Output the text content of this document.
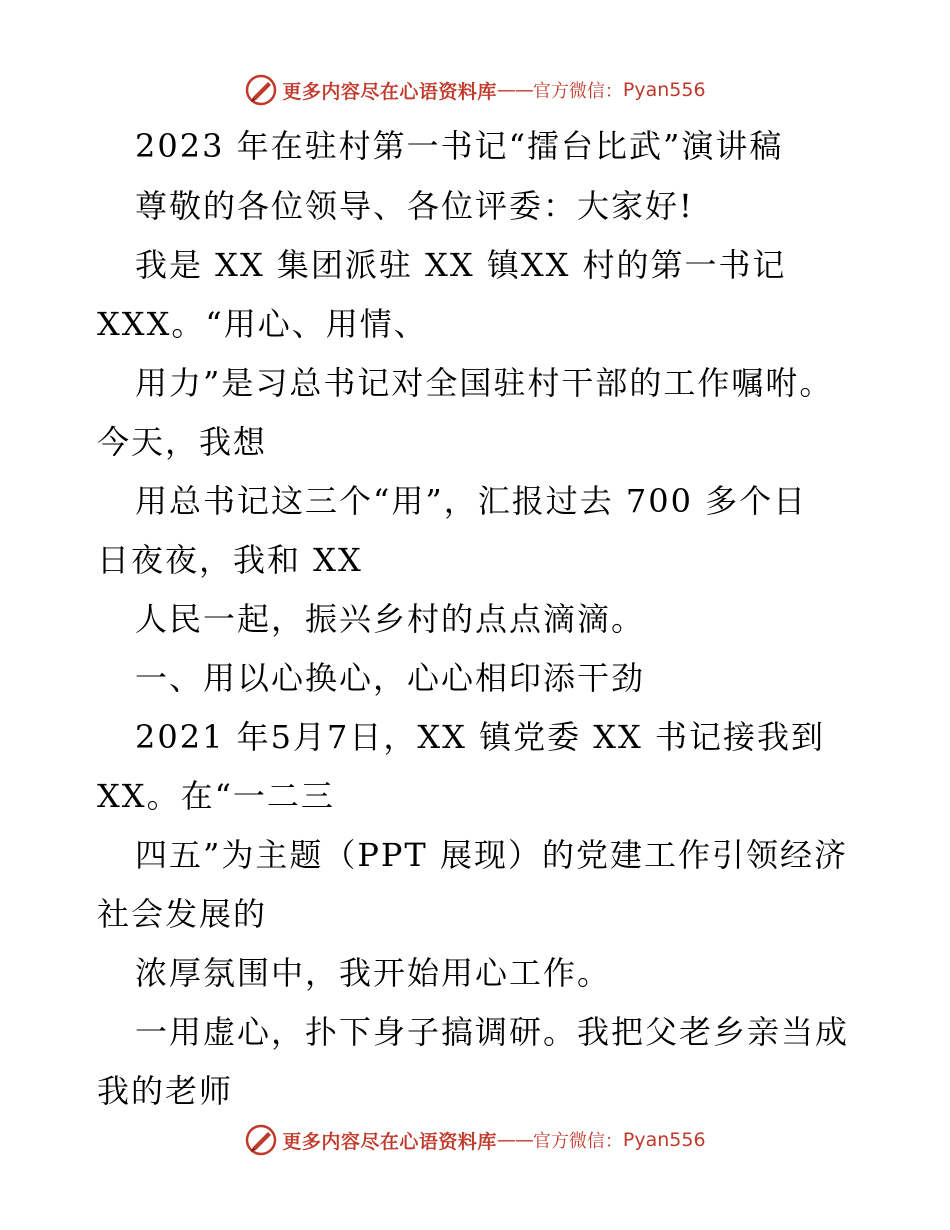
更多内容尽在心语资料库 —— 官方微信： Pyan556
2023 年在驻村第一书记“擂台比武”演讲稿
尊敬的各位领导、各位评委：大家好!
我是 XX 集团派驻 XX 镇XX 村的第一书记
XXX。“用心、用情、
用力”是习总书记对全国驻村干部的工作嘱咐。
今天，我想
用总书记这三个“用”，汇报过去 700 多个日
日夜夜，我和 XX
人民一起，振兴乡村的点点滴滴。
一、用以心换心，心心相印添干劲
2021 年5月7日，XX 镇党委 XX 书记接我到
XX。在“一二三
四五”为主题（PPT 展现）的党建工作引领经济
社会发展的
浓厚氛围中，我开始用心工作。
一用虚心，扑下身子搞调研。我把父老乡亲当成
我的老师
更多内容尽在心语资料库 —— 官方微信： Pyan556
